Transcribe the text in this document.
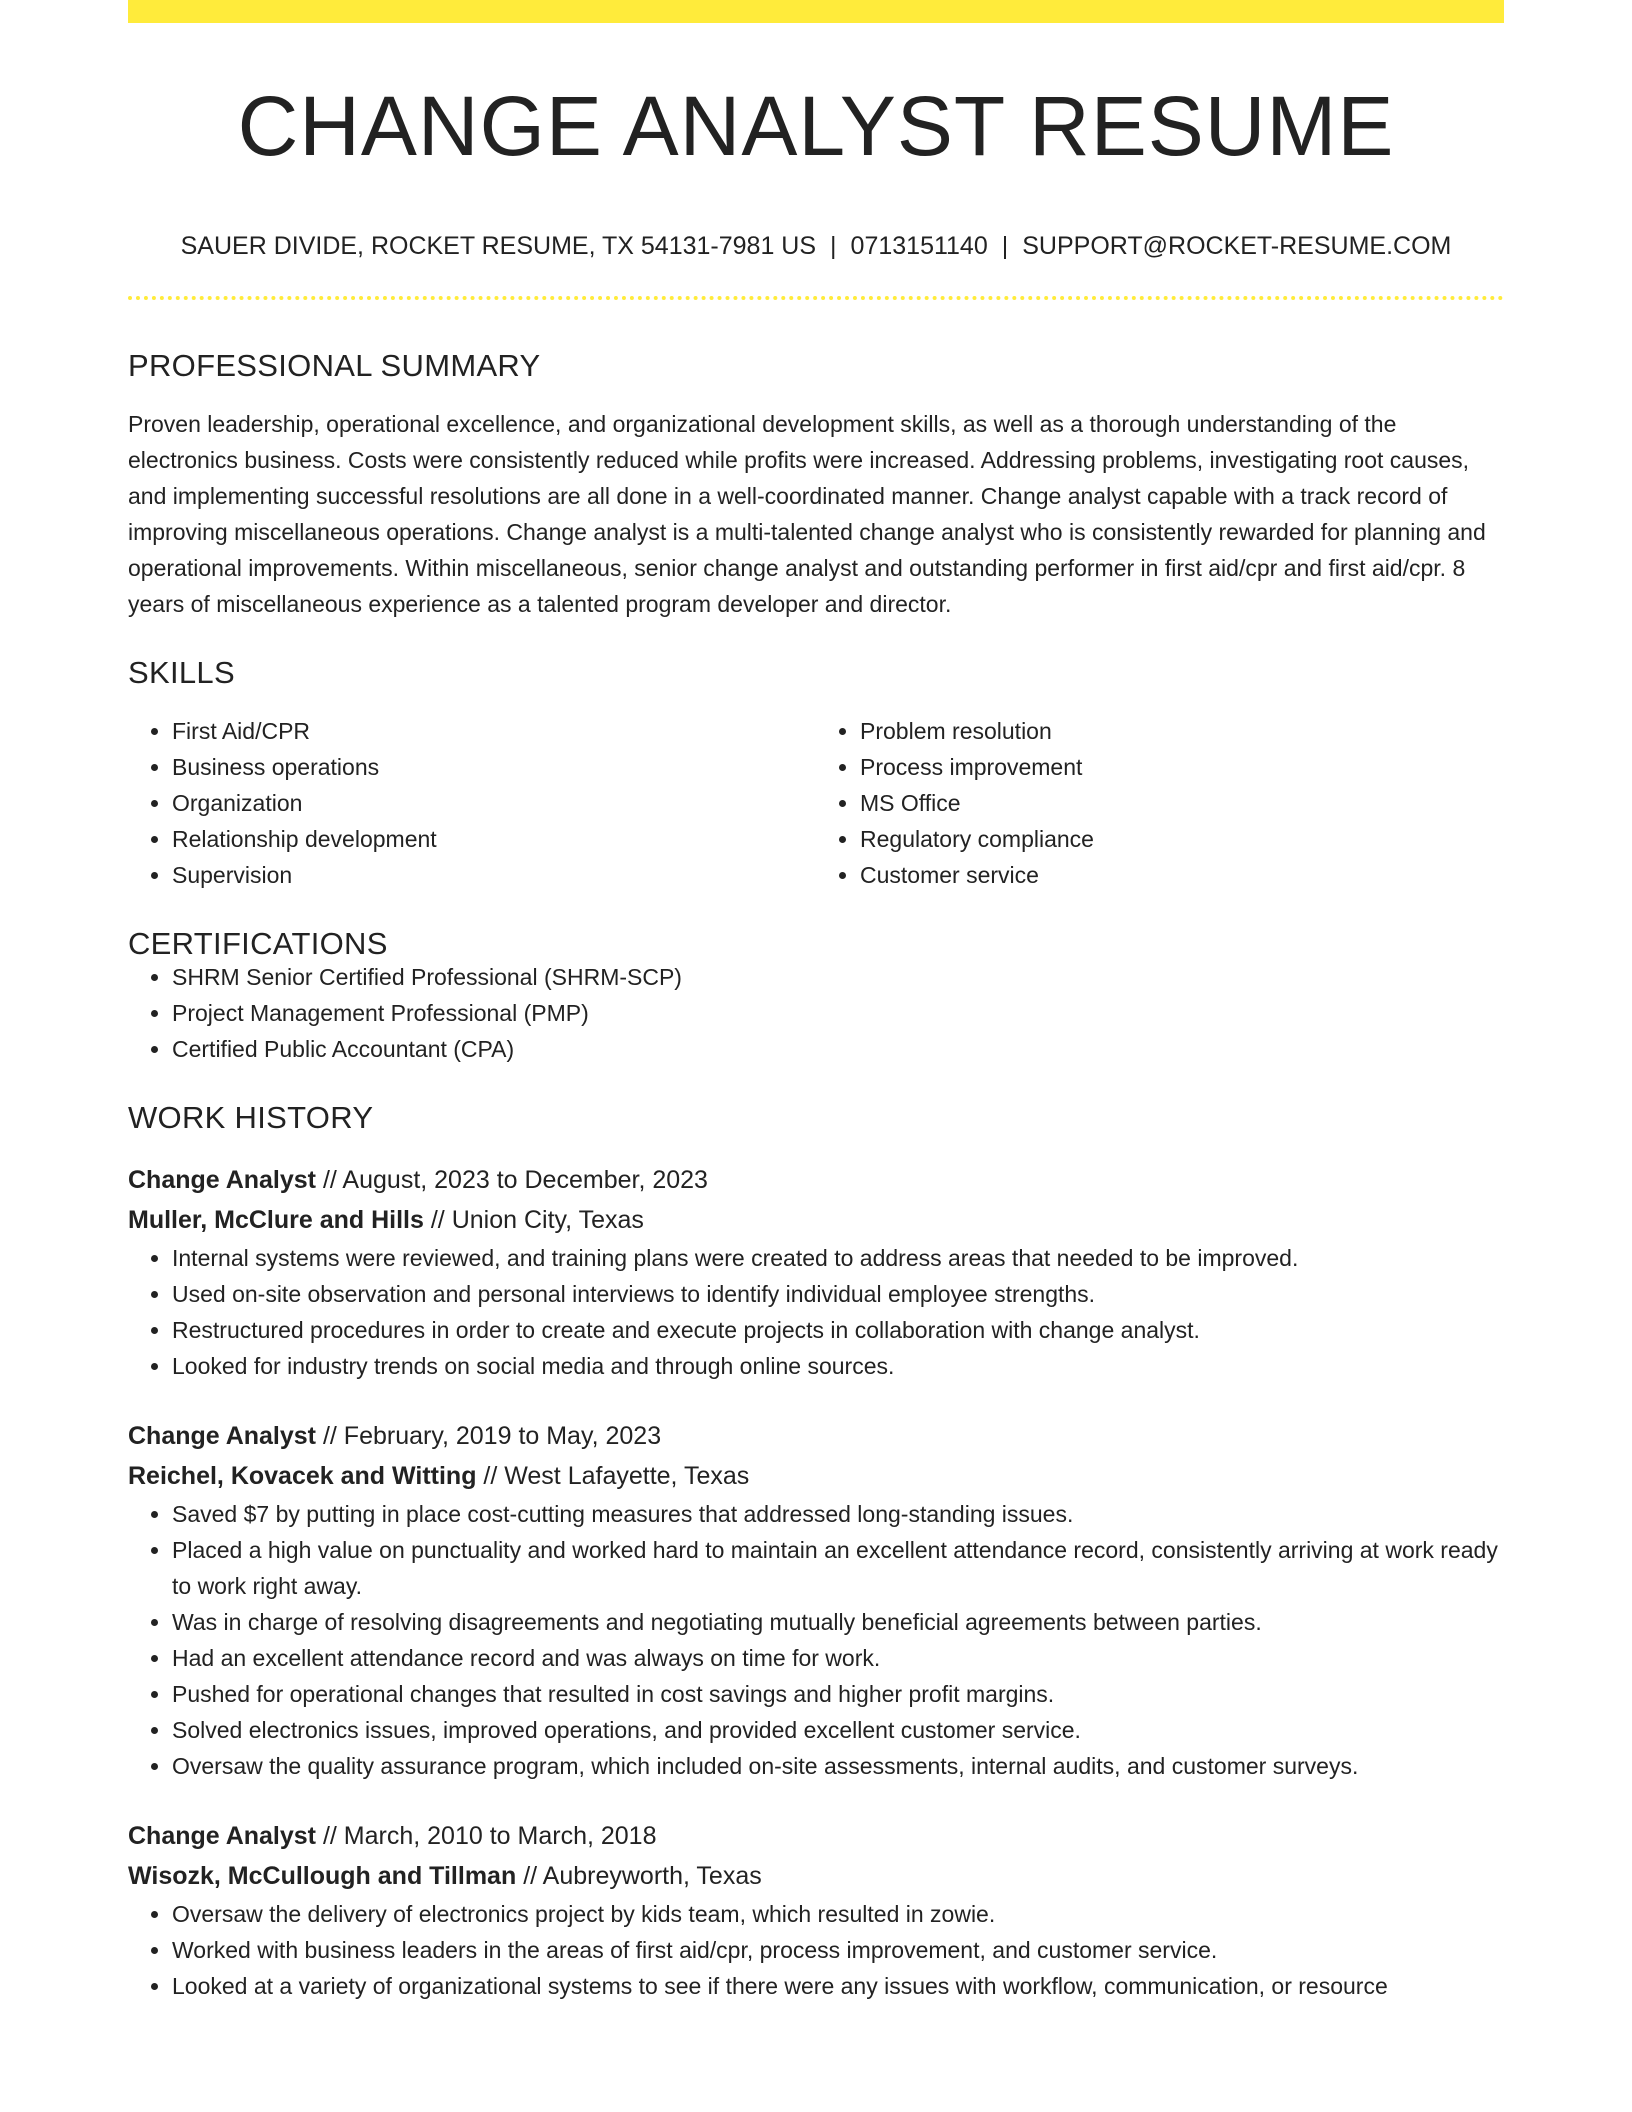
CHANGE ANALYST RESUME
SAUER DIVIDE, ROCKET RESUME, TX 54131-7981 US | 0713151140 | SUPPORT@ROCKET-RESUME.COM
PROFESSIONAL SUMMARY
Proven leadership, operational excellence, and organizational development skills, as well as a thorough understanding of the electronics business. Costs were consistently reduced while profits were increased. Addressing problems, investigating root causes, and implementing successful resolutions are all done in a well-coordinated manner. Change analyst capable with a track record of improving miscellaneous operations. Change analyst is a multi-talented change analyst who is consistently rewarded for planning and operational improvements. Within miscellaneous, senior change analyst and outstanding performer in first aid/cpr and first aid/cpr. 8 years of miscellaneous experience as a talented program developer and director.
SKILLS
• First Aid/CPR
• Business operations
• Organization
• Relationship development
• Supervision
• Problem resolution
• Process improvement
• MS Office
• Regulatory compliance
• Customer service
CERTIFICATIONS
• SHRM Senior Certified Professional (SHRM-SCP)
• Project Management Professional (PMP)
• Certified Public Accountant (CPA)
WORK HISTORY
Change Analyst // August, 2023 to December, 2023
Muller, McClure and Hills // Union City, Texas
• Internal systems were reviewed, and training plans were created to address areas that needed to be improved.
• Used on-site observation and personal interviews to identify individual employee strengths.
• Restructured procedures in order to create and execute projects in collaboration with change analyst.
• Looked for industry trends on social media and through online sources.
Change Analyst // February, 2019 to May, 2023
Reichel, Kovacek and Witting // West Lafayette, Texas
• Saved $7 by putting in place cost-cutting measures that addressed long-standing issues.
• Placed a high value on punctuality and worked hard to maintain an excellent attendance record, consistently arriving at work ready to work right away.
• Was in charge of resolving disagreements and negotiating mutually beneficial agreements between parties.
• Had an excellent attendance record and was always on time for work.
• Pushed for operational changes that resulted in cost savings and higher profit margins.
• Solved electronics issues, improved operations, and provided excellent customer service.
• Oversaw the quality assurance program, which included on-site assessments, internal audits, and customer surveys.
Change Analyst // March, 2010 to March, 2018
Wisozk, McCullough and Tillman // Aubreyworth, Texas
• Oversaw the delivery of electronics project by kids team, which resulted in zowie.
• Worked with business leaders in the areas of first aid/cpr, process improvement, and customer service.
• Looked at a variety of organizational systems to see if there were any issues with workflow, communication, or resource
